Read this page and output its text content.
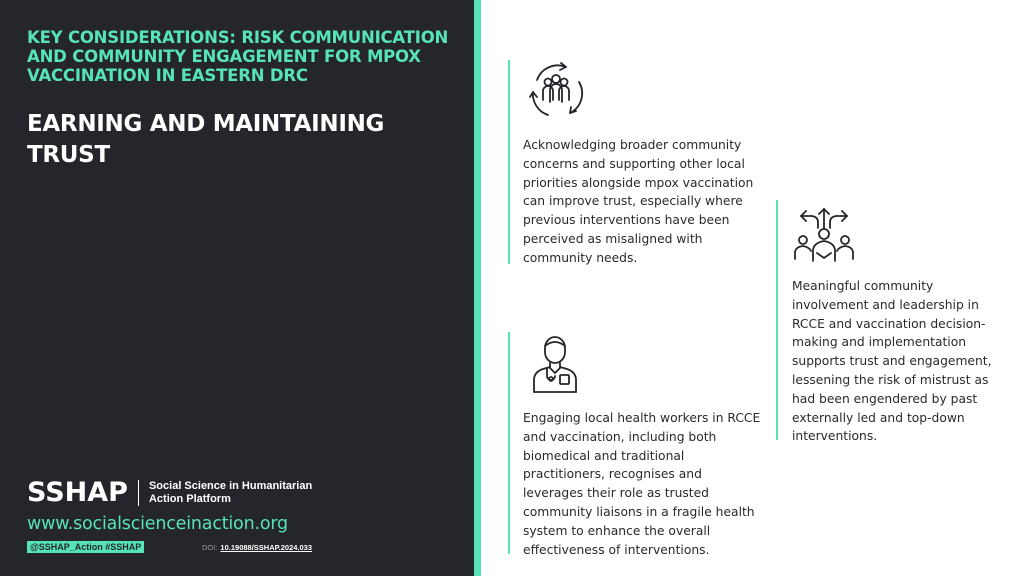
KEY CONSIDERATIONS: RISK COMMUNICATION AND COMMUNITY ENGAGEMENT FOR MPOX VACCINATION IN EASTERN DRC
EARNING AND MAINTAINING TRUST
SSHAP Social Science in Humanitarian Action Platform
www.socialscienceinaction.org
@SSHAP_Action #SSHAP	DOI: 10.19088/SSHAP.2024.033
Acknowledging broader community concerns and supporting other local priorities alongside mpox vaccination can improve trust, especially where previous interventions have been perceived as misaligned with community needs.
Engaging local health workers in RCCE and vaccination, including both biomedical and traditional practitioners, recognises and leverages their role as trusted community liaisons in a fragile health system to enhance the overall effectiveness of interventions.
Meaningful community involvement and leadership in RCCE and vaccination decision-making and implementation supports trust and engagement, lessening the risk of mistrust as had been engendered by past externally led and top-down interventions.
